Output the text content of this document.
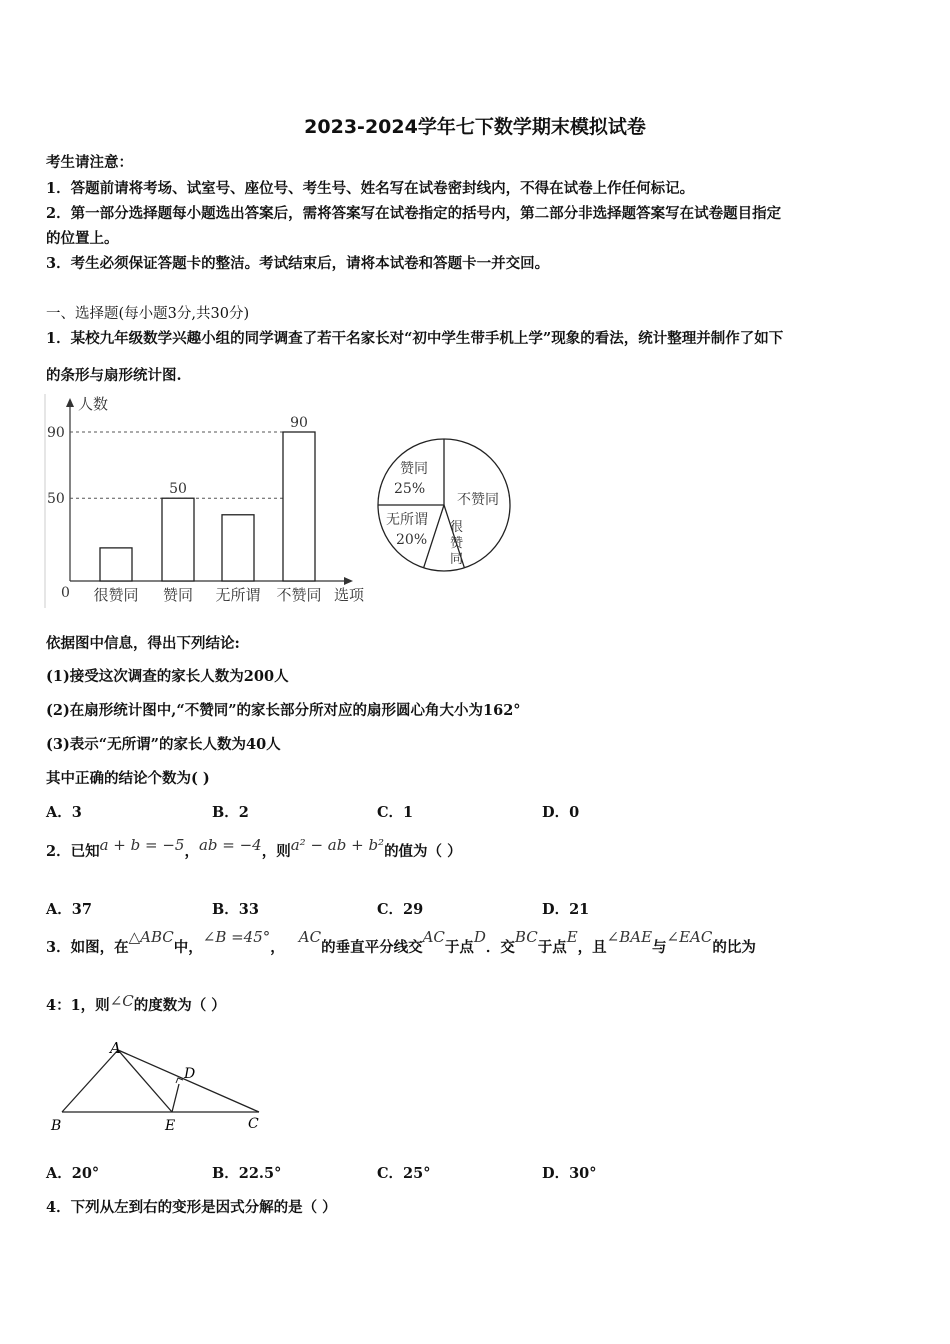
2023-2024学年七下数学期末模拟试卷
考生请注意：
1．答题前请将考场、试室号、座位号、考生号、姓名写在试卷密封线内，不得在试卷上作任何标记。
2．第一部分选择题每小题选出答案后，需将答案写在试卷指定的括号内，第二部分非选择题答案写在试卷题目指定
的位置上。
3．考生必须保证答题卡的整洁。考试结束后，请将本试卷和答题卡一并交回。
一、选择题(每小题3分,共30分)
1．某校九年级数学兴趣小组的同学调查了若干名家长对“初中学生带手机上学”现象的看法，统计整理并制作了如下
的条形与扇形统计图.
人数
选项
0
50
90
很赞同 赞同
50
无所谓 不赞同
90
赞同
25%
不赞同
无所谓
20%
很赞同
依据图中信息，得出下列结论:
(1)接受这次调查的家长人数为200人
(2)在扇形统计图中,“不赞同”的家长部分所对应的扇形圆心角大小为162°
(3)表示“无所谓”的家长人数为40人
其中正确的结论个数为( )
A．3	B．2	C．1	D．0
2．已知a + b = −5，ab = −4，则a² − ab + b²的值为（ ）
A．37	B．33	C．29	D．21
3．如图，在△ABC中，∠B =45°，AC的垂直平分线交AC于点D．交BC于点E，且∠BAE与∠EAC的比为
4：1，则∠C的度数为（ ）
A
B
D
E	C
A．20°	B．22.5°	C．25°	D．30°
4．下列从左到右的变形是因式分解的是（ ）
